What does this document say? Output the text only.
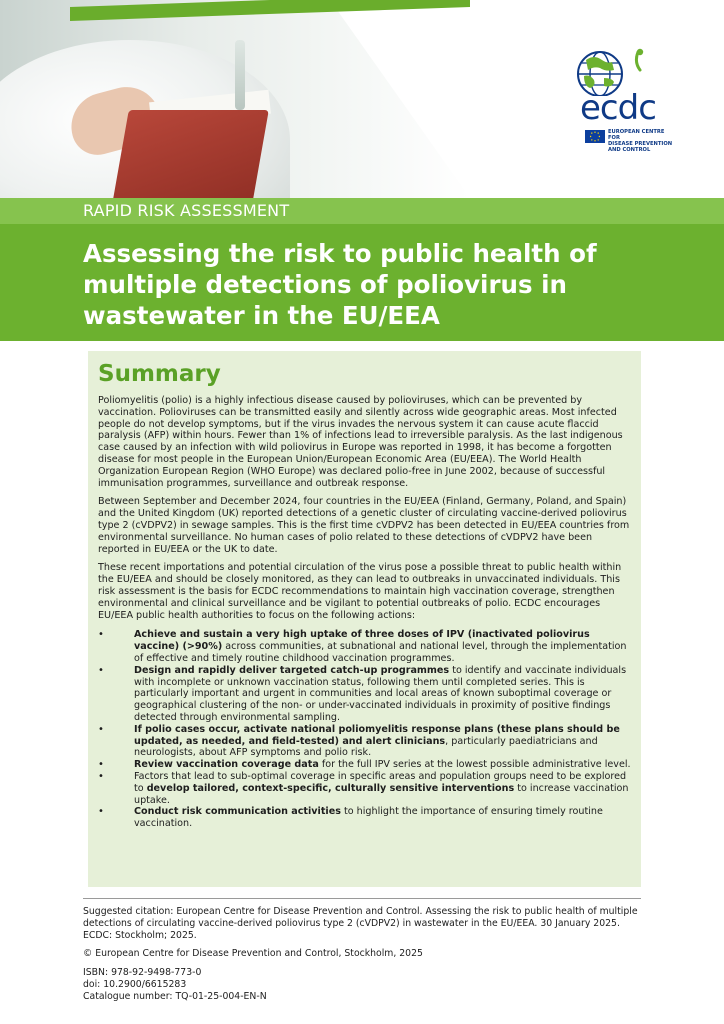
ecdc
EUROPEAN CENTRE FOR
DISEASE PREVENTION
AND CONTROL
RAPID RISK ASSESSMENT
Assessing the risk to public health of multiple detections of poliovirus in wastewater in the EU/EEA
Summary

Poliomyelitis (polio) is a highly infectious disease caused by polioviruses, which can be prevented by vaccination. Polioviruses can be transmitted easily and silently across wide geographic areas. Most infected people do not develop symptoms, but if the virus invades the nervous system it can cause acute flaccid paralysis (AFP) within hours. Fewer than 1% of infections lead to irreversible paralysis. As the last indigenous case caused by an infection with wild poliovirus in Europe was reported in 1998, it has become a forgotten disease for most people in the European Union/European Economic Area (EU/EEA). The World Health Organization European Region (WHO Europe) was declared polio-free in June 2002, because of successful immunisation programmes, surveillance and outbreak response.

Between September and December 2024, four countries in the EU/EEA (Finland, Germany, Poland, and Spain) and the United Kingdom (UK) reported detections of a genetic cluster of circulating vaccine-derived poliovirus type 2 (cVDPV2) in sewage samples. This is the first time cVDPV2 has been detected in EU/EEA countries from environmental surveillance. No human cases of polio related to these detections of cVDPV2 have been reported in EU/EEA or the UK to date.

These recent importations and potential circulation of the virus pose a possible threat to public health within the EU/EEA and should be closely monitored, as they can lead to outbreaks in unvaccinated individuals. This risk assessment is the basis for ECDC recommendations to maintain high vaccination coverage, strengthen environmental and clinical surveillance and be vigilant to potential outbreaks of polio. ECDC encourages EU/EEA public health authorities to focus on the following actions:

• Achieve and sustain a very high uptake of three doses of IPV (inactivated poliovirus vaccine) (>90%) across communities, at subnational and national level, through the implementation of effective and timely routine childhood vaccination programmes.
• Design and rapidly deliver targeted catch-up programmes to identify and vaccinate individuals with incomplete or unknown vaccination status, following them until completed series. This is particularly important and urgent in communities and local areas of known suboptimal coverage or geographical clustering of the non- or under-vaccinated individuals in proximity of positive findings detected through environmental sampling.
• If polio cases occur, activate national poliomyelitis response plans (these plans should be updated, as needed, and field-tested) and alert clinicians, particularly paediatricians and neurologists, about AFP symptoms and polio risk.
• Review vaccination coverage data for the full IPV series at the lowest possible administrative level.
• Factors that lead to sub-optimal coverage in specific areas and population groups need to be explored to develop tailored, context-specific, culturally sensitive interventions to increase vaccination uptake.
• Conduct risk communication activities to highlight the importance of ensuring timely routine vaccination.

Suggested citation: European Centre for Disease Prevention and Control. Assessing the risk to public health of multiple detections of circulating vaccine-derived poliovirus type 2 (cVDPV2) in wastewater in the EU/EEA. 30 January 2025. ECDC: Stockholm; 2025.

© European Centre for Disease Prevention and Control, Stockholm, 2025

ISBN: 978-92-9498-773-0
doi: 10.2900/6615283
Catalogue number: TQ-01-25-004-EN-N
